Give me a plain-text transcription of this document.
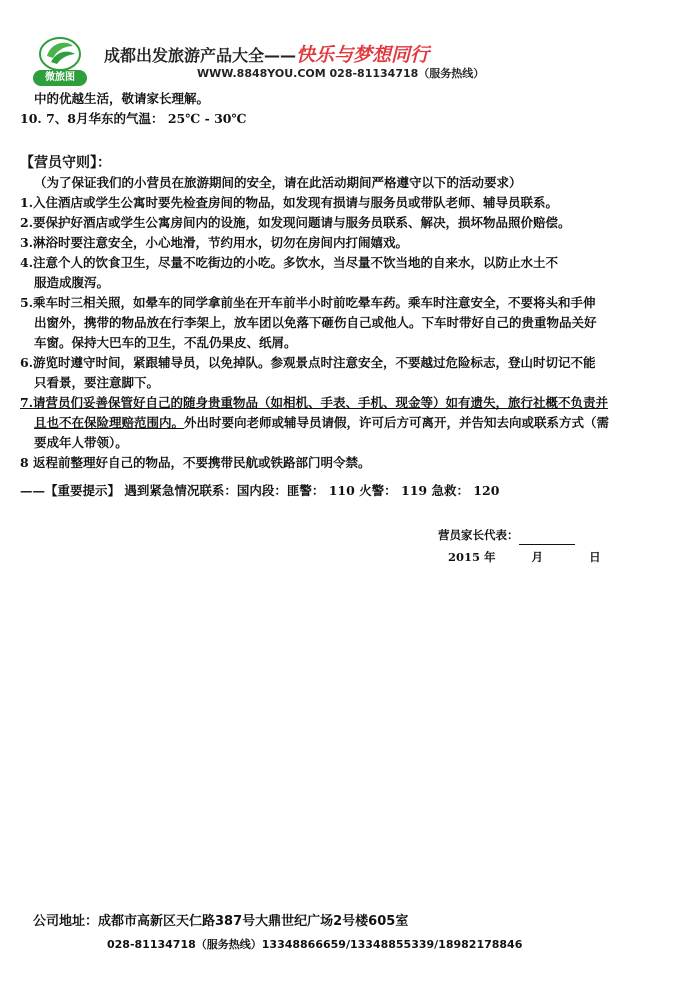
微旅图
成都出发旅游产品大全——快乐与梦想同行
WWW.8848YOU.COM 028-81134718（服务热线）
中的优越生活，敬请家长理解。
10. 7、8月华东的气温： 25℃ - 30℃
【营员守则】：
（为了保证我们的小营员在旅游期间的安全，请在此活动期间严格遵守以下的活动要求）
1.入住酒店或学生公寓时要先检查房间的物品，如发现有损请与服务员或带队老师、辅导员联系。
2.要保护好酒店或学生公寓房间内的设施，如发现问题请与服务员联系、解决，损坏物品照价赔偿。
3.淋浴时要注意安全，小心地滑，节约用水，切勿在房间内打闹嬉戏。
4.注意个人的饮食卫生，尽量不吃街边的小吃。多饮水，当尽量不饮当地的自来水，以防止水土不
服造成腹泻。
5.乘车时三相关照，如晕车的同学拿前坐在开车前半小时前吃晕车药。乘车时注意安全，不要将头和手伸
出窗外，携带的物品放在行李架上，放车团以免落下砸伤自己或他人。下车时带好自己的贵重物品关好
车窗。保持大巴车的卫生，不乱仍果皮、纸屑。
6.游览时遵守时间，紧跟辅导员，以免掉队。参观景点时注意安全，不要越过危险标志，登山时切记不能
只看景，要注意脚下。
7.请营员们妥善保管好自己的随身贵重物品（如相机、手表、手机、现金等）如有遗失，旅行社概不负责并
且也不在保险理赔范围内。外出时要向老师或辅导员请假，许可后方可离开，并告知去向或联系方式（需
要成年人带领）。
8 返程前整理好自己的物品，不要携带民航或铁路部门明令禁。
——【重要提示】 遇到紧急情况联系：国内段：匪警： 110 火警： 119 急救： 120
营员家长代表：
2015 年	月	日
公司地址：成都市高新区天仁路387号大鼎世纪广场2号楼605室
028-81134718（服务热线）13348866659/13348855339/18982178846
